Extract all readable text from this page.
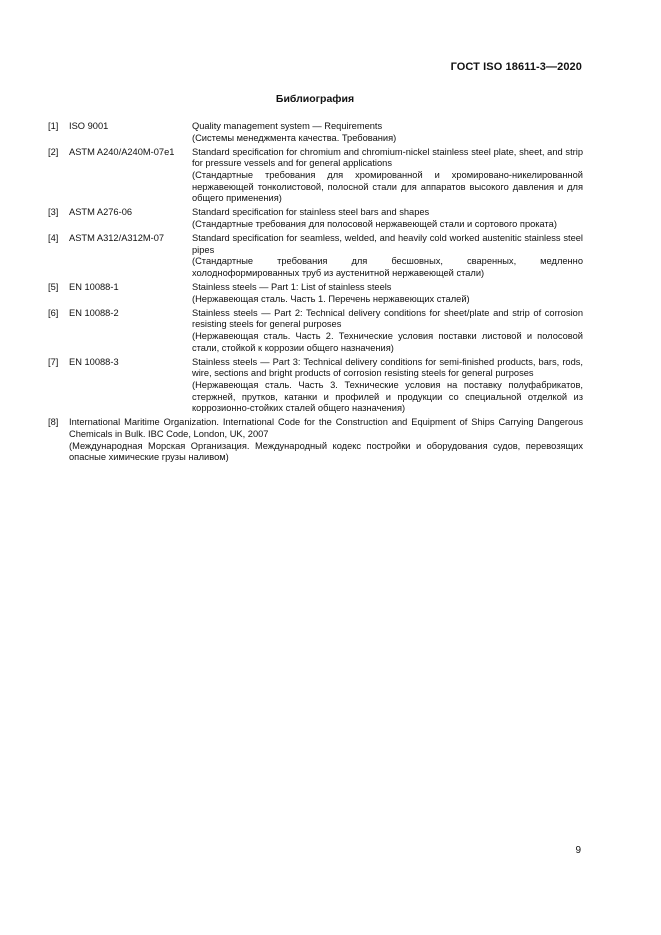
ГОСТ ISO 18611-3—2020
Библиография
[1]	ISO 9001	Quality management system — Requirements
(Системы менеджмента качества. Требования)
[2]	ASTM A240/A240M-07e1	Standard specification for chromium and chromium-nickel stainless steel plate, sheet, and strip for pressure vessels and for general applications
(Стандартные требования для хромированной и хромировано-никелированной нержавеющей тонколистовой, полосной стали для аппаратов высокого давления и для общего применения)
[3]	ASTM A276-06	Standard specification for stainless steel bars and shapes
(Стандартные требования для полосовой нержавеющей стали и сортового проката)
[4]	ASTM A312/A312M-07	Standard specification for seamless, welded, and heavily cold worked austenitic stainless steel pipes
(Стандартные требования для бесшовных, сваренных, медленно холоднoформированных труб из аустенитной нержавеющей стали)
[5]	EN 10088-1	Stainless steels — Part 1: List of stainless steels
(Нержавеющая сталь. Часть 1. Перечень нержавеющих сталей)
[6]	EN 10088-2	Stainless steels — Part 2: Technical delivery conditions for sheet/plate and strip of corrosion resisting steels for general purposes
(Нержавеющая сталь. Часть 2. Технические условия поставки листовой и полосовой стали, стойкой к коррозии общего назначения)
[7]	EN 10088-3	Stainless steels — Part 3: Technical delivery conditions for semi-finished products, bars, rods, wire, sections and bright products of corrosion resisting steels for general purposes
(Нержавеющая сталь. Часть 3. Технические условия на поставку полуфабрикатов, стержней, прутков, катанки и профилей и продукции со специальной отделкой из коррозионно-стойких сталей общего назначения)
[8]	International Maritime Organization. International Code for the Construction and Equipment of Ships Carrying Dangerous Chemicals in Bulk. IBC Code, London, UK, 2007
(Международная Морская Организация. Международный кодекс постройки и оборудования судов, перевозящих опасные химические грузы наливом)
9
